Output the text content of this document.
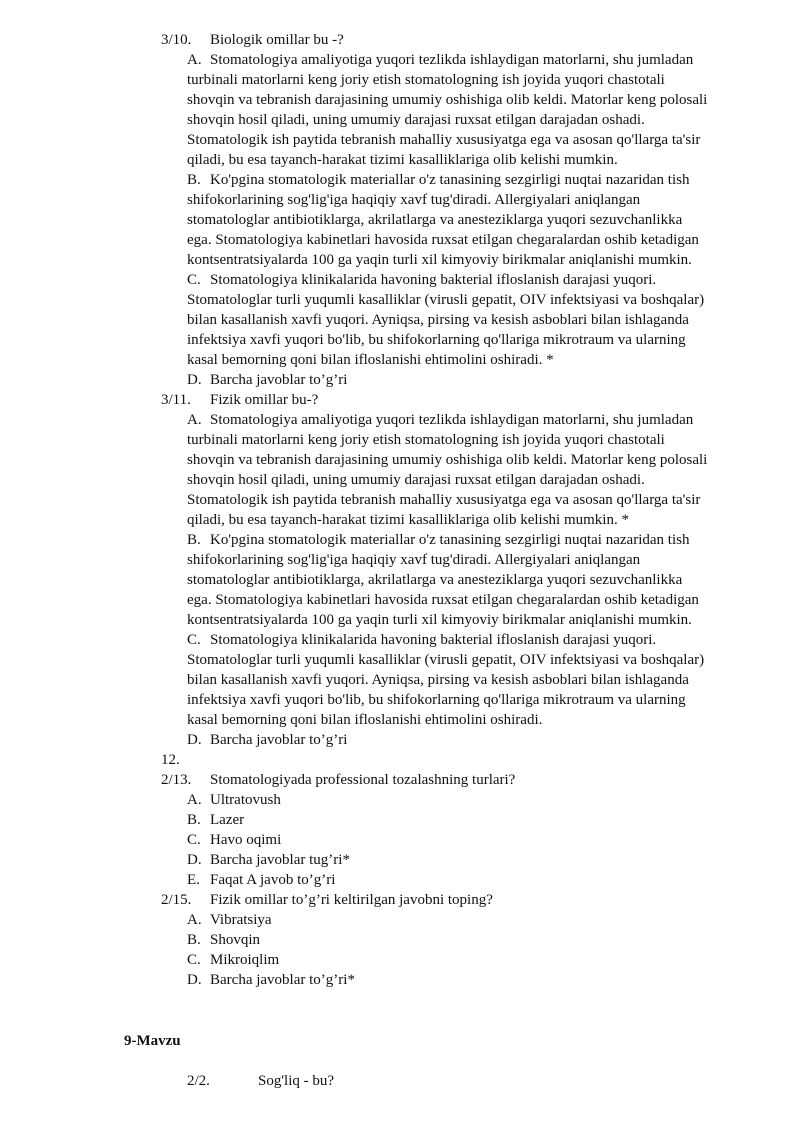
3/10. Biologik omillar bu -?
A. Stomatologiya amaliyotiga yuqori tezlikda ishlaydigan matorlarni, shu jumladan
turbinali matorlarni keng joriy etish stomatologning ish joyida yuqori chastotali
shovqin va tebranish darajasining umumiy oshishiga olib keldi. Matorlar keng polosali
shovqin hosil qiladi, uning umumiy darajasi ruxsat etilgan darajadan oshadi.
Stomatologik ish paytida tebranish mahalliy xususiyatga ega va asosan qo'llarga ta'sir
qiladi, bu esa tayanch-harakat tizimi kasalliklariga olib kelishi mumkin.
B. Ko'pgina stomatologik materiallar o'z tanasining sezgirligi nuqtai nazaridan tish
shifokorlarining sog'lig'iga haqiqiy xavf tug'diradi. Allergiyalari aniqlangan
stomatologlar antibiotiklarga, akrilatlarga va anesteziklarga yuqori sezuvchanlikka
ega. Stomatologiya kabinetlari havosida ruxsat etilgan chegaralardan oshib ketadigan
kontsentratsiyalarda 100 ga yaqin turli xil kimyoviy birikmalar aniqlanishi mumkin.
C. Stomatologiya klinikalarida havoning bakterial ifloslanish darajasi yuqori.
Stomatologlar turli yuqumli kasalliklar (virusli gepatit, OIV infektsiyasi va boshqalar)
bilan kasallanish xavfi yuqori. Ayniqsa, pirsing va kesish asboblari bilan ishlaganda
infektsiya xavfi yuqori bo'lib, bu shifokorlarning qo'llariga mikrotraum va ularning
kasal bemorning qoni bilan ifloslanishi ehtimolini oshiradi. *
D. Barcha javoblar to’g’ri
3/11. Fizik omillar bu-?
A. Stomatologiya amaliyotiga yuqori tezlikda ishlaydigan matorlarni, shu jumladan
turbinali matorlarni keng joriy etish stomatologning ish joyida yuqori chastotali
shovqin va tebranish darajasining umumiy oshishiga olib keldi. Matorlar keng polosali
shovqin hosil qiladi, uning umumiy darajasi ruxsat etilgan darajadan oshadi.
Stomatologik ish paytida tebranish mahalliy xususiyatga ega va asosan qo'llarga ta'sir
qiladi, bu esa tayanch-harakat tizimi kasalliklariga olib kelishi mumkin. *
B. Ko'pgina stomatologik materiallar o'z tanasining sezgirligi nuqtai nazaridan tish
shifokorlarining sog'lig'iga haqiqiy xavf tug'diradi. Allergiyalari aniqlangan
stomatologlar antibiotiklarga, akrilatlarga va anesteziklarga yuqori sezuvchanlikka
ega. Stomatologiya kabinetlari havosida ruxsat etilgan chegaralardan oshib ketadigan
kontsentratsiyalarda 100 ga yaqin turli xil kimyoviy birikmalar aniqlanishi mumkin.
C. Stomatologiya klinikalarida havoning bakterial ifloslanish darajasi yuqori.
Stomatologlar turli yuqumli kasalliklar (virusli gepatit, OIV infektsiyasi va boshqalar)
bilan kasallanish xavfi yuqori. Ayniqsa, pirsing va kesish asboblari bilan ishlaganda
infektsiya xavfi yuqori bo'lib, bu shifokorlarning qo'llariga mikrotraum va ularning
kasal bemorning qoni bilan ifloslanishi ehtimolini oshiradi.
D. Barcha javoblar to’g’ri
12.
2/13. Stomatologiyada professional tozalashning turlari?
A. Ultratovush
B. Lazer
C. Havo oqimi
D. Barcha javoblar tug’ri*
E. Faqat A javob to’g’ri
2/15. Fizik omillar to’g’ri keltirilgan javobni toping?
A. Vibratsiya
B. Shovqin
C. Mikroiqlim
D. Barcha javoblar to’g’ri*
9-Mavzu
2/2.	Sog'liq - bu?
